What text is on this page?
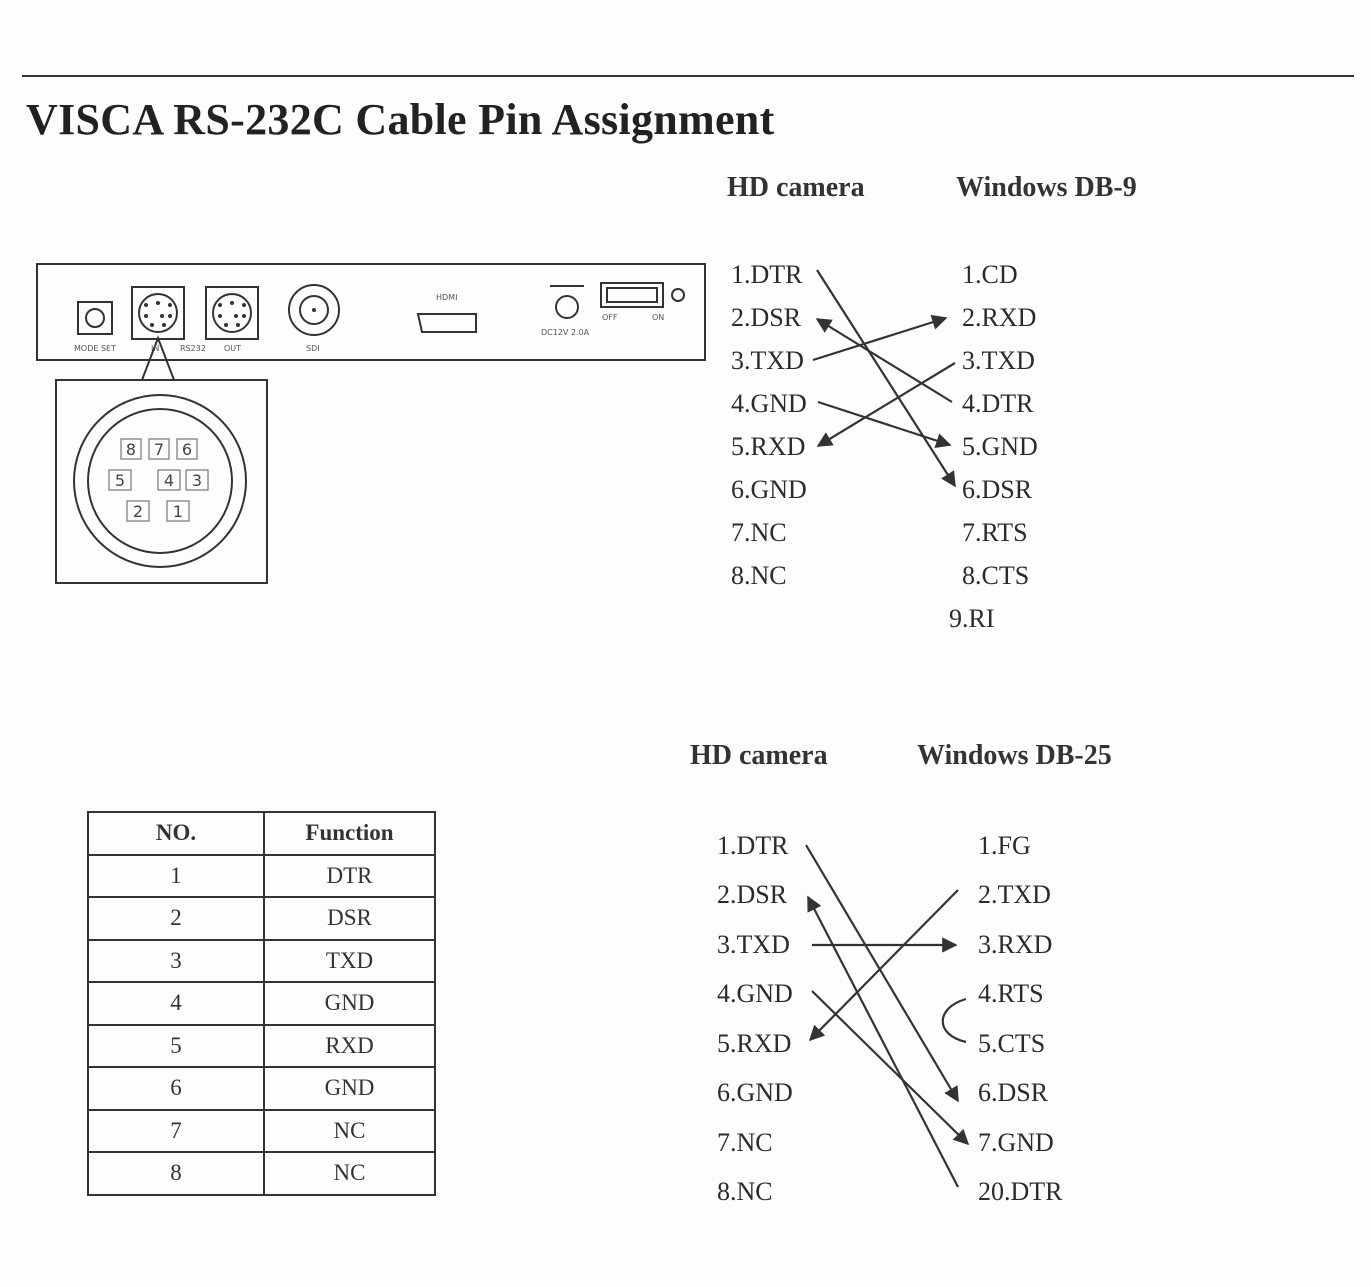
VISCA RS-232C Cable Pin Assignment
MODE SET	IN	RS232 OUT	SDI
HDMI
DC12V 2.0A
OFF	ON
8 7 6
5 4 3
2 1
HD camera	Windows DB-9
1.DTR
2.DSR
3.TXD
4.GND
5.RXD
6.GND
7.NC
8.NC
1.CD
2.RXD
3.TXD
4.DTR
5.GND
6.DSR
7.RTS
8.CTS
9.RI
HD camera	Windows DB-25
1.DTR
2.DSR
3.TXD
4.GND
5.RXD
6.GND
7.NC
8.NC
1.FG
2.TXD
3.RXD
4.RTS
5.CTS
6.DSR
7.GND
20.DTR
NO.	Function
1	DTR
2	DSR
3	TXD
4	GND
5	RXD
6	GND
7	NC
8	NC
